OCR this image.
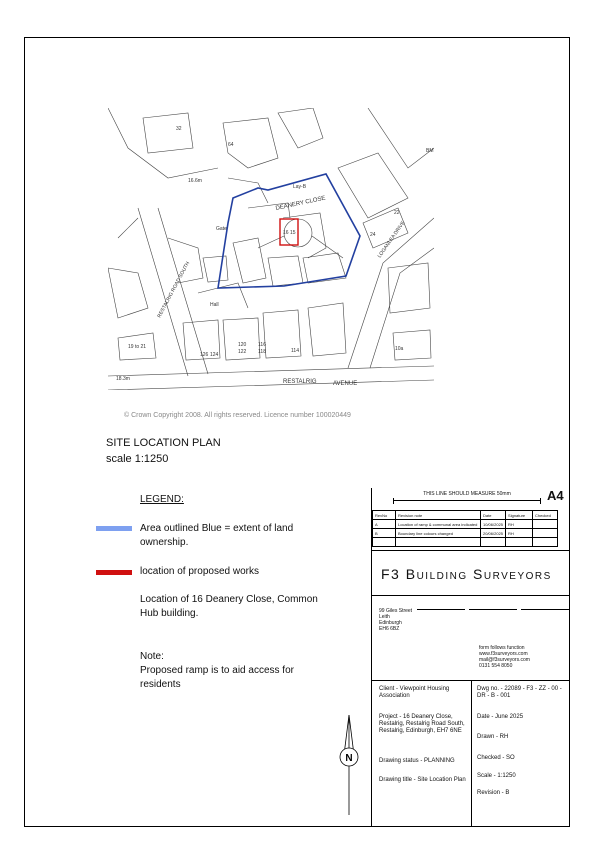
16.6m
DEANERY CLOSE
LOGANLEA DRIVE
RESTALRIG ROAD SOUTH	Hall
RESTALRIG	AVENUE
18.3m
Gate
Lay-B
22
24
19 to 21
126 124
120
122
116
118	114
16 15
10a
BM
32
64
© Crown Copyright 2008. All rights reserved. Licence number 100020449
SITE LOCATION PLAN
scale 1:1250
LEGEND:
Area outlined Blue = extent of land ownership.
location of proposed works
Location of 16 Deanery Close, Common Hub building.
Note:
Proposed ramp is to aid access for residents
N
THIS LINE SHOULD MEASURE 50mm	A4
RevNo	Revision note	Date	Signature	Checked
A	Location of ramp & communal area indicated	10/06/2025	RH	
B	Boundary line colours changed	20/06/2025	RH	

F3 Building Surveyors
99 Giles Street
Leith
Edinburgh
EH6 6BZ
form follows function
www.f3surveyors.com
mail@f3surveyors.com
0131 554 8050
Client - Viewpoint Housing Association
Project - 16 Deanery Close, Restalrig, Restalrig Road South, Restalrig, Edinburgh, EH7 6NE
Drawing status - PLANNING
Drawing title - Site Location Plan
Dwg no. - 22089 - F3 - ZZ - 00 - DR - B - 001
Date - June 2025
Drawn - RH
Checked - SO
Scale - 1:1250
Revision - B
